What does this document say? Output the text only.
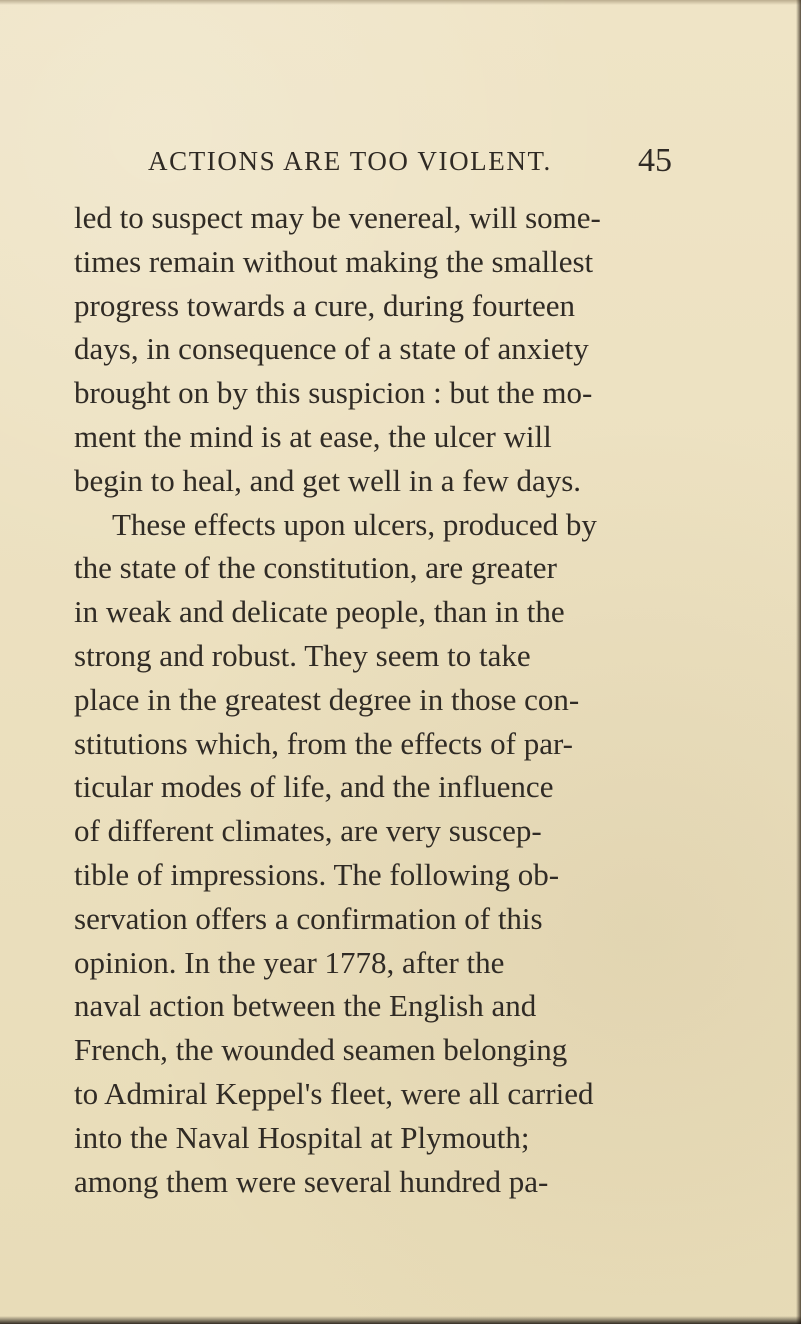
ACTIONS ARE TOO VIOLENT.	45
led to suspect may be venereal, will some-
times remain without making the smallest
progress towards a cure, during fourteen
days, in consequence of a state of anxiety
brought on by this suspicion : but the mo-
ment the mind is at ease, the ulcer will
begin to heal, and get well in a few days.
These effects upon ulcers, produced by
the state of the constitution, are greater
in weak and delicate people, than in the
strong and robust. They seem to take
place in the greatest degree in those con-
stitutions which, from the effects of par-
ticular modes of life, and the influence
of different climates, are very suscep-
tible of impressions. The following ob-
servation offers a confirmation of this
opinion. In the year 1778, after the
naval action between the English and
French, the wounded seamen belonging
to Admiral Keppel's fleet, were all carried
into the Naval Hospital at Plymouth;
among them were several hundred pa-
